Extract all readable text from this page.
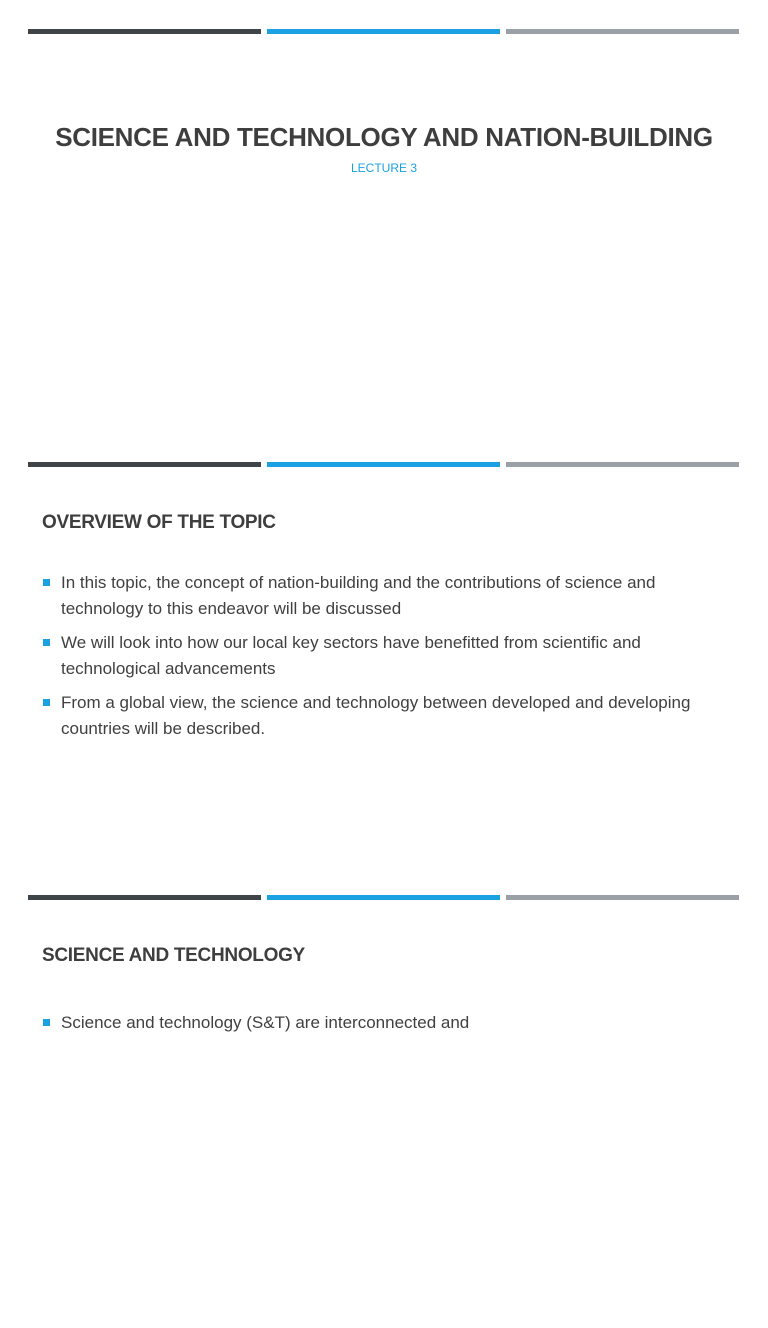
SCIENCE AND TECHNOLOGY AND NATION-BUILDING
LECTURE 3
OVERVIEW OF THE TOPIC
In this topic, the concept of nation-building and the contributions of science and technology to this endeavor will be discussed
We will look into how our local key sectors have benefitted from scientific and technological advancements
From a global view, the science and technology between developed and developing countries will be described.
SCIENCE AND TECHNOLOGY
Science and technology (S&T) are interconnected and
